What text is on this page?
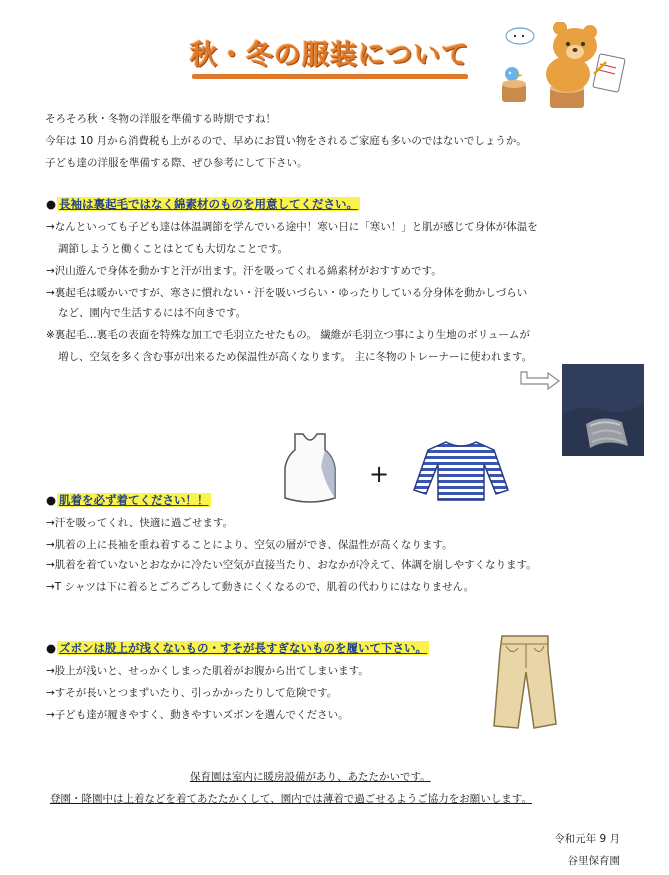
秋・冬の服装について
そろそろ秋・冬物の洋服を準備する時期ですね！
今年は 10 月から消費税も上がるので、早めにお買い物をされるご家庭も多いのではないでしょうか。
子ども達の洋服を準備する際、ぜひ参考にして下さい。
● 長袖は裏起毛ではなく綿素材のものを用意してください。
→なんといっても子ども達は体温調節を学んでいる途中！寒い日に「寒い！」と肌が感じて身体が体温を
調節しようと働くことはとても大切なことです。
→沢山遊んで身体を動かすと汗が出ます。汗を吸ってくれる綿素材がおすすめです。
→裏起毛は暖かいですが、寒さに慣れない・汗を吸いづらい・ゆったりしている分身体を動かしづらい
など、園内で生活するには不向きです。
※裏起毛…裏毛の表面を特殊な加工で毛羽立たせたもの。 繊維が毛羽立つ事により生地のボリュームが
増し、空気を多く含む事が出来るため保温性が高くなります。 主に冬物のトレーナーに使われます。
+
● 肌着を必ず着てください！！
→汗を吸ってくれ、快適に過ごせます。
→肌着の上に長袖を重ね着することにより、空気の層ができ、保温性が高くなります。
→肌着を着ていないとおなかに冷たい空気が直接当たり、おなかが冷えて、体調を崩しやすくなります。
→T シャツは下に着るとごろごろして動きにくくなるので、肌着の代わりにはなりません。
● ズボンは股上が浅くないもの・すそが長すぎないものを履いて下さい。
→股上が浅いと、せっかくしまった肌着がお腹から出てしまいます。
→すそが長いとつまずいたり、引っかかったりして危険です。
→子ども達が履きやすく、動きやすいズボンを選んでください。
保育園は室内に暖房設備があり、あたたかいです。
登園・降園中は上着などを着てあたたかくして、園内では薄着で過ごせるようご協力をお願いします。
令和元年 9 月
谷里保育園
